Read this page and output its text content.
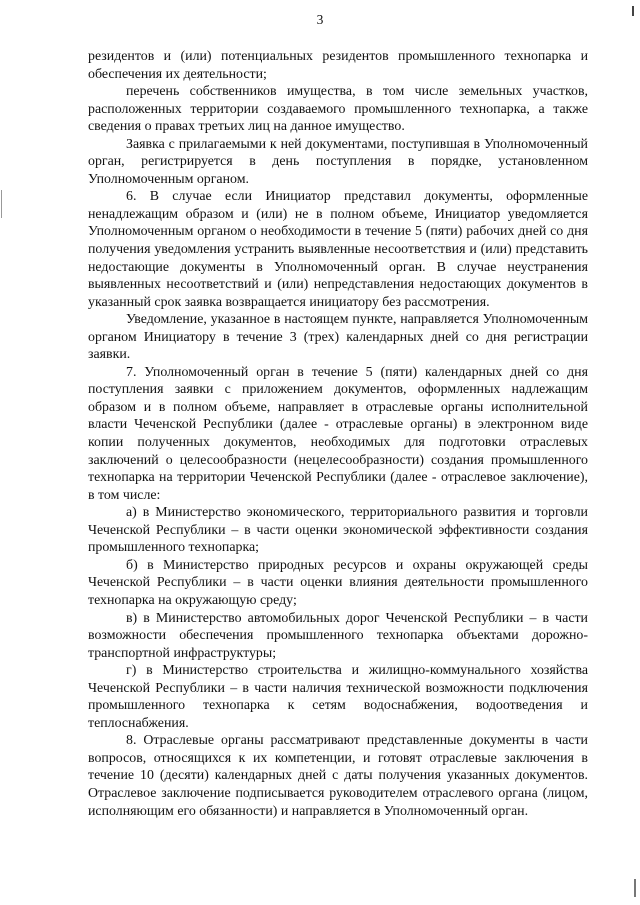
3

резидентов и (или) потенциальных резидентов промышленного технопарка и обеспечения их деятельности;

перечень собственников имущества, в том числе земельных участков, расположенных территории создаваемого промышленного технопарка, а также сведения о правах третьих лиц на данное имущество.

Заявка с прилагаемыми к ней документами, поступившая в Уполномоченный орган, регистрируется в день поступления в порядке, установленном Уполномоченным органом.

6. В случае если Инициатор представил документы, оформленные ненадлежащим образом и (или) не в полном объеме, Инициатор уведомляется Уполномоченным органом о необходимости в течение 5 (пяти) рабочих дней со дня получения уведомления устранить выявленные несоответствия и (или) представить недостающие документы в Уполномоченный орган. В случае неустранения выявленных несоответствий и (или) непредставления недостающих документов в указанный срок заявка возвращается инициатору без рассмотрения.

Уведомление, указанное в настоящем пункте, направляется Уполномоченным органом Инициатору в течение 3 (трех) календарных дней со дня регистрации заявки.

7. Уполномоченный орган в течение 5 (пяти) календарных дней со дня поступления заявки с приложением документов, оформленных надлежащим образом и в полном объеме, направляет в отраслевые органы исполнительной власти Чеченской Республики (далее - отраслевые органы) в электронном виде копии полученных документов, необходимых для подготовки отраслевых заключений о целесообразности (нецелесообразности) создания промышленного технопарка на территории Чеченской Республики (далее - отраслевое заключение), в том числе:

а) в Министерство экономического, территориального развития и торговли Чеченской Республики – в части оценки экономической эффективности создания промышленного технопарка;

б) в Министерство природных ресурсов и охраны окружающей среды Чеченской Республики – в части оценки влияния деятельности промышленного технопарка на окружающую среду;

в) в Министерство автомобильных дорог Чеченской Республики – в части возможности обеспечения промышленного технопарка объектами дорожно-транспортной инфраструктуры;

г) в Министерство строительства и жилищно-коммунального хозяйства Чеченской Республики – в части наличия технической возможности подключения промышленного технопарка к сетям водоснабжения, водоотведения и теплоснабжения.

8. Отраслевые органы рассматривают представленные документы в части вопросов, относящихся к их компетенции, и готовят отраслевые заключения в течение 10 (десяти) календарных дней с даты получения указанных документов. Отраслевое заключение подписывается руководителем отраслевого органа (лицом, исполняющим его обязанности) и направляется в Уполномоченный орган.
